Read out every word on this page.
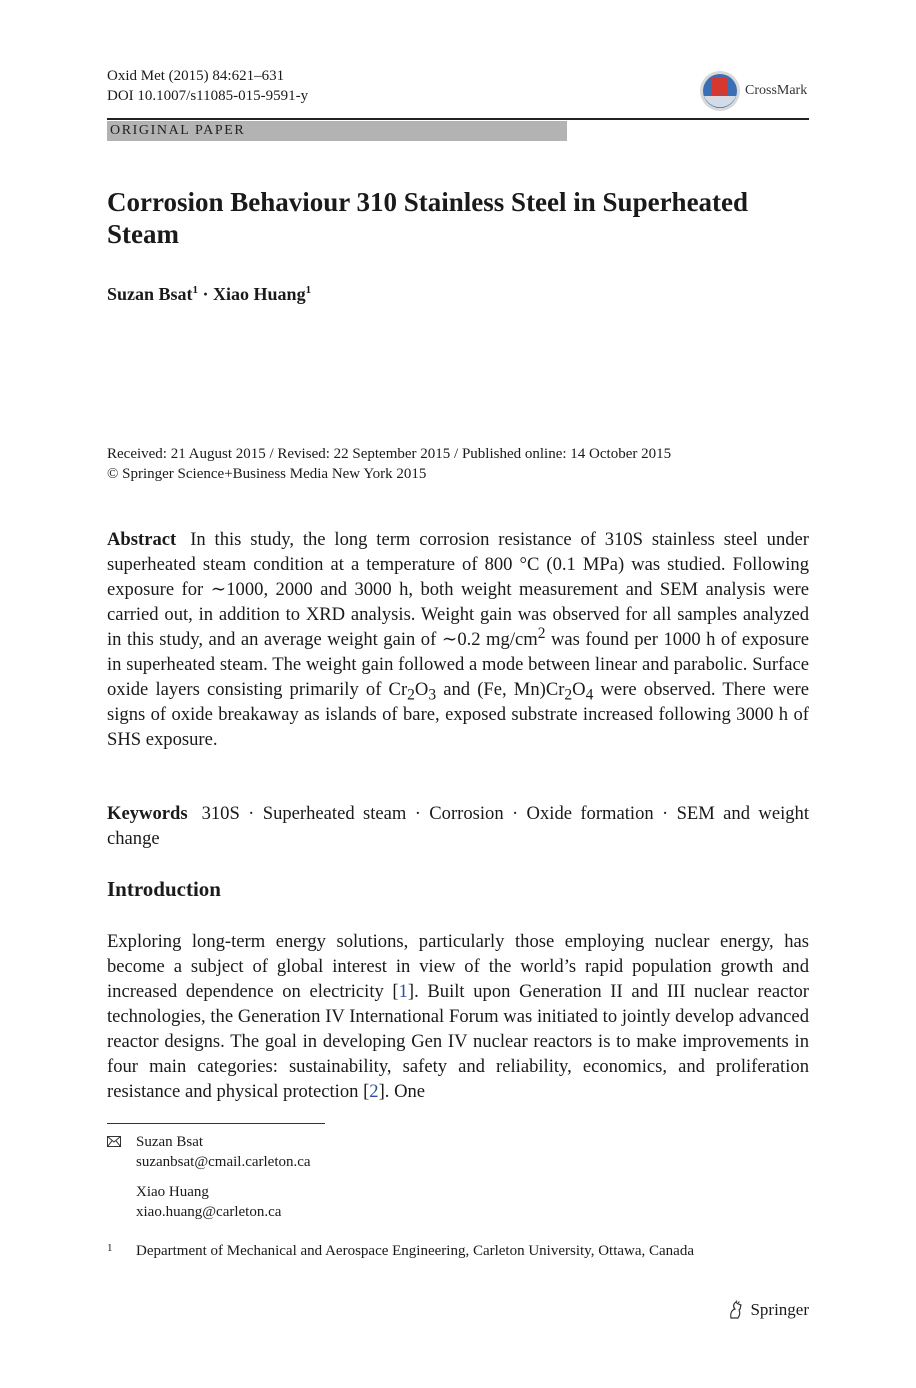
Oxid Met (2015) 84:621–631
DOI 10.1007/s11085-015-9591-y	CrossMark
ORIGINAL PAPER
Corrosion Behaviour 310 Stainless Steel in Superheated Steam
Suzan Bsat$^1$ · Xiao Huang$^1$
Received: 21 August 2015 / Revised: 22 September 2015 / Published online: 14 October 2015
© Springer Science+Business Media New York 2015
Abstract In this study, the long term corrosion resistance of 310S stainless steel under superheated steam condition at a temperature of 800 °C (0.1 MPa) was studied. Following exposure for ∼1000, 2000 and 3000 h, both weight measurement and SEM analysis were carried out, in addition to XRD analysis. Weight gain was observed for all samples analyzed in this study, and an average weight gain of ∼0.2 $mg/cm^2$ was found per 1000 h of exposure in superheated steam. The weight gain followed a mode between linear and parabolic. Surface oxide layers consisting primarily of $Cr_2O_3$ and (Fe, $Mn)Cr_2O_4$ were observed. There were signs of oxide breakaway as islands of bare, exposed substrate increased following 3000 h of SHS exposure.
Keywords 310S · Superheated steam · Corrosion · Oxide formation · SEM and weight change
Introduction
Exploring long-term energy solutions, particularly those employing nuclear energy, has become a subject of global interest in view of the world’s rapid population growth and increased dependence on electricity [1]. Built upon Generation II and III nuclear reactor technologies, the Generation IV International Forum was initiated to jointly develop advanced reactor designs. The goal in developing Gen IV nuclear reactors is to make improvements in four main categories: sustainability, safety and reliability, economics, and proliferation resistance and physical protection [2]. One
Suzan Bsat
suzanbsat@cmail.carleton.ca
Xiao Huang
xiao.huang@carleton.ca
1 Department of Mechanical and Aerospace Engineering, Carleton University, Ottawa, Canada
Springer
